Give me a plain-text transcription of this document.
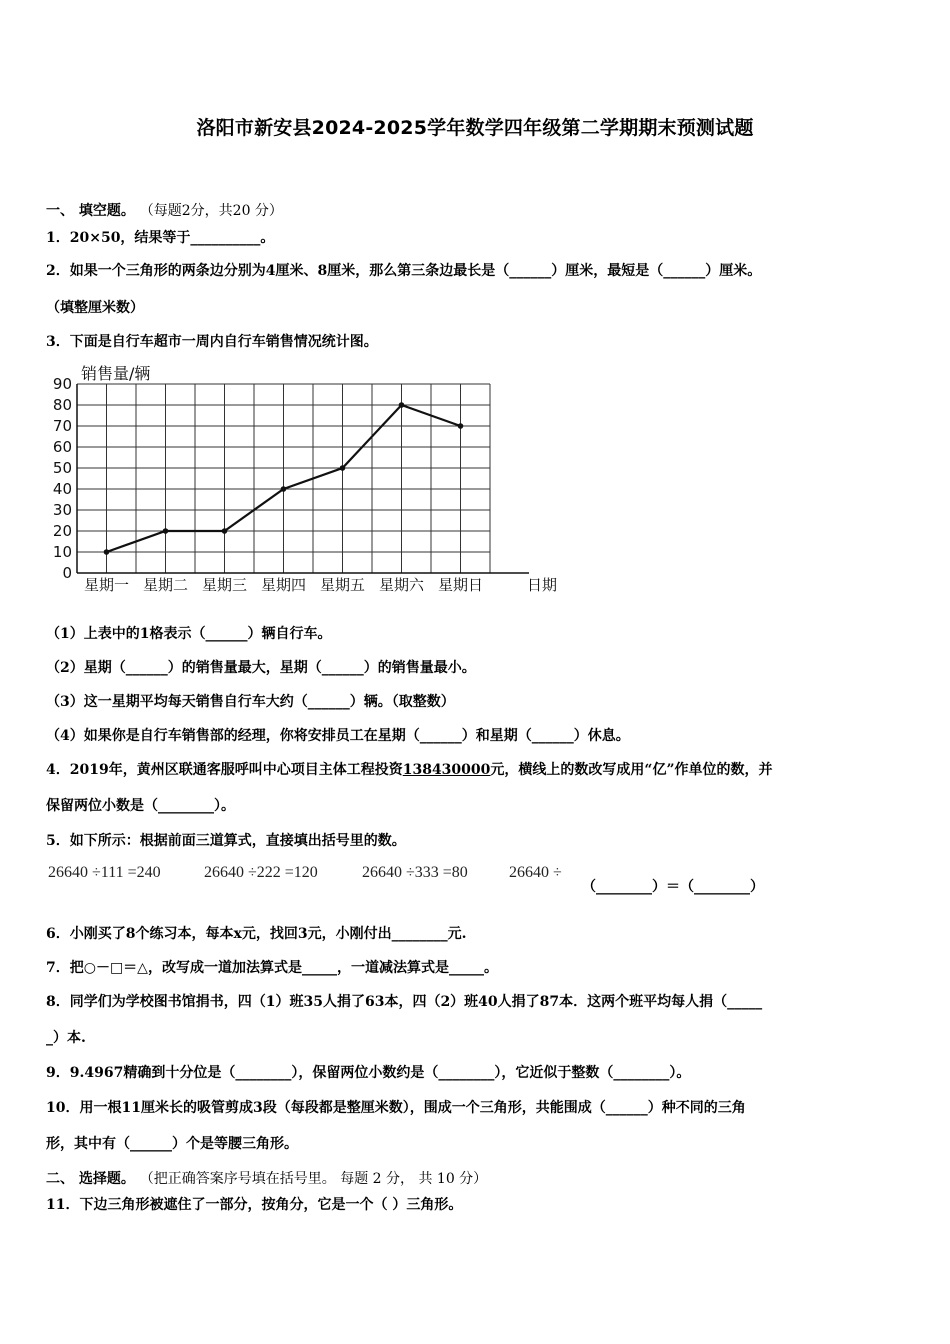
洛阳市新安县2024-2025学年数学四年级第二学期期末预测试题
一、 填空题。 （每题2分，共20 分）
1．20×50，结果等于__________。
2．如果一个三角形的两条边分别为4厘米、8厘米，那么第三条边最长是（______）厘米，最短是（______）厘米。
（填整厘米数）
3．下面是自行车超市一周内自行车销售情况统计图。
0
10
20
30
40
50
60
70
80
90
销售量/辆
星期一 星期二 星期三 星期四 星期五 星期六 星期日	日期
（1）上表中的1格表示（______）辆自行车。
（2）星期（______）的销售量最大，星期（______）的销售量最小。
（3）这一星期平均每天销售自行车大约（______）辆。（取整数）
（4）如果你是自行车销售部的经理，你将安排员工在星期（______）和星期（______）休息。
4．2019年，黄州区联通客服呼叫中心项目主体工程投资138430000元，横线上的数改写成用“亿”作单位的数，并
保留两位小数是（________）。
5．如下所示：根据前面三道算式，直接填出括号里的数。
26640 ÷111 =240	26640 ÷222 =120	26640 ÷333 =80	26640 ÷
（________）＝（________）
6．小刚买了8个练习本，每本x元，找回3元，小刚付出________元.
7．把○－□＝△，改写成一道加法算式是_____，一道减法算式是_____。
8．同学们为学校图书馆捐书，四（1）班35人捐了63本，四（2）班40人捐了87本．这两个班平均每人捐（_____
_）本.
9．9.4967精确到十分位是（________），保留两位小数约是（________），它近似于整数（________）。
10．用一根11厘米长的吸管剪成3段（每段都是整厘米数），围成一个三角形，共能围成（______）种不同的三角
形，其中有（______）个是等腰三角形。
二、 选择题。 （把正确答案序号填在括号里。 每题 2 分， 共 10 分）
11．下边三角形被遮住了一部分，按角分，它是一个（ ）三角形。
